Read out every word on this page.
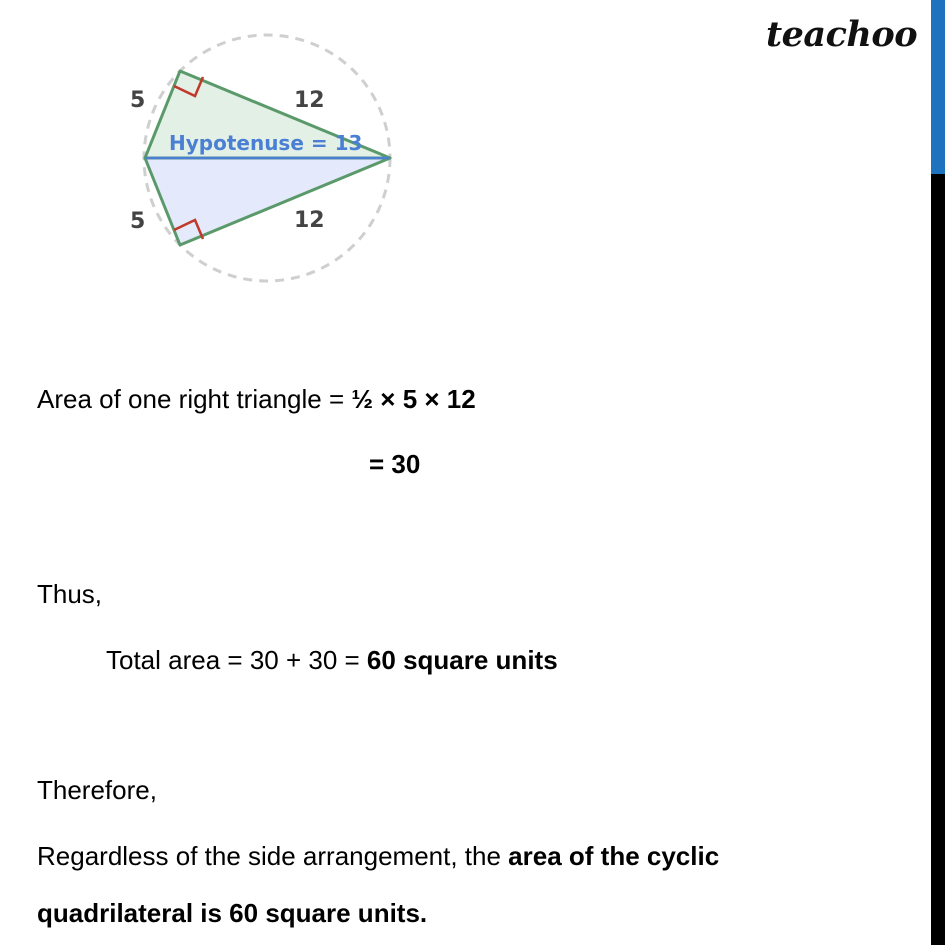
teachoo
5	12
5	12
Hypotenuse = 13
Area of one right triangle = ½ × 5 × 12
= 30
Thus,
Total area = 30 + 30 = 60 square units
Therefore,
Regardless of the side arrangement, the area of the cyclic
quadrilateral is 60 square units.
